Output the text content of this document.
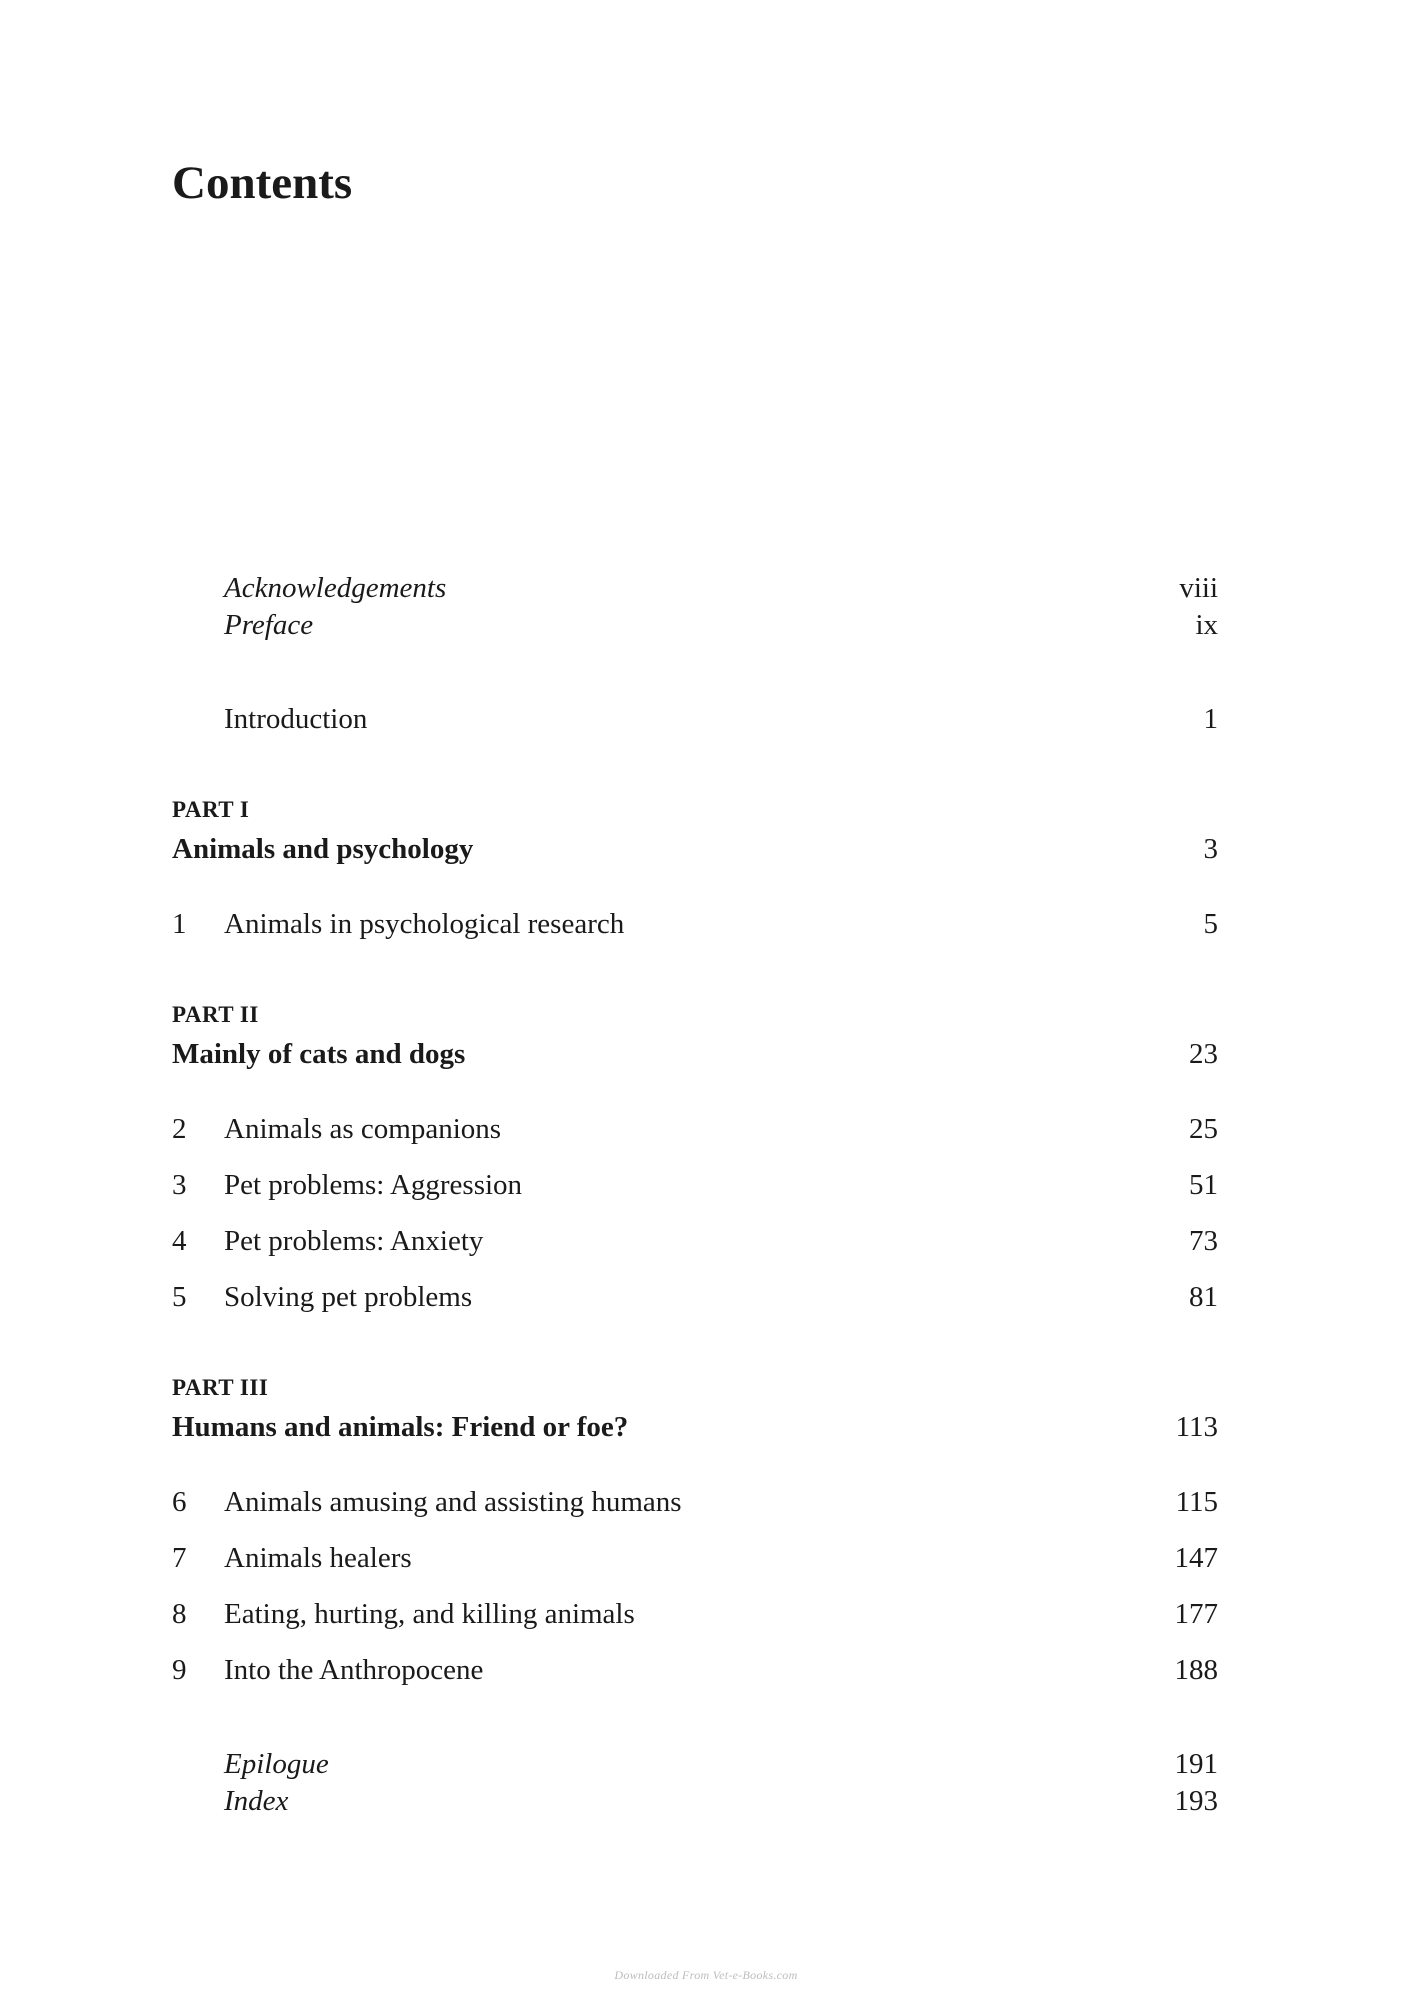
Contents
Acknowledgements	viii
Preface	ix
Introduction	1
PART I
Animals and psychology	3
1	Animals in psychological research	5
PART II
Mainly of cats and dogs	23
2	Animals as companions	25
3	Pet problems: Aggression	51
4	Pet problems: Anxiety	73
5	Solving pet problems	81
PART III
Humans and animals: Friend or foe?	113
6	Animals amusing and assisting humans	115
7	Animals healers	147
8	Eating, hurting, and killing animals	177
9	Into the Anthropocene	188
Epilogue	191
Index	193
Downloaded From Vet-e-Books.com
